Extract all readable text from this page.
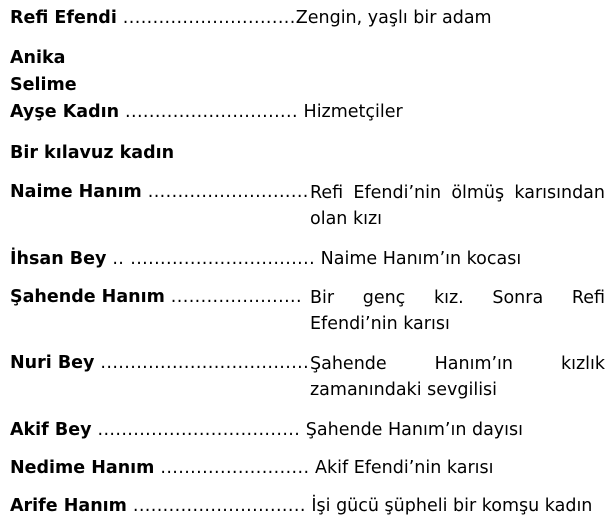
Refi Efendi .............................Zengin, yaşlı bir adam
Anika
Selime
Ayşe Kadın ............................. Hizmetçiler
Bir kılavuz kadın
Naime Hanım ........................... Refi Efendi’nin ölmüş karısından olan kızı
İhsan Bey .. ............................... Naime Hanım’ın kocası
Şahende Hanım ...................... Bir genç kız. Sonra Refi Efendi’nin karısı
Nuri Bey ................................... Şahende Hanım’ın kızlık zamanındaki sevgilisi
Akif Bey .................................. Şahende Hanım’ın dayısı
Nedime Hanım ......................... Akif Efendi’nin karısı
Arife Hanım ............................. İşi gücü şüpheli bir komşu kadın
